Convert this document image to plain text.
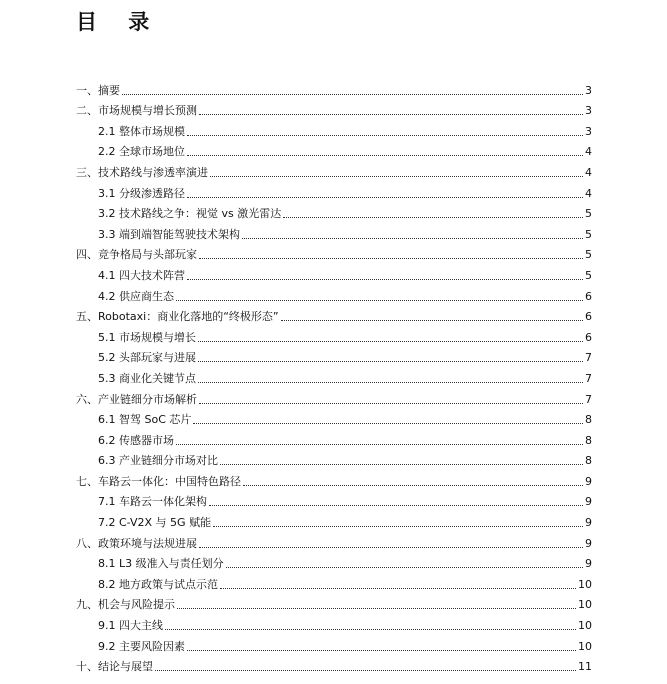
目 录
一、摘要	3
二、市场规模与增长预测	3
2.1 整体市场规模	3
2.2 全球市场地位	4
三、技术路线与渗透率演进	4
3.1 分级渗透路径	4
3.2 技术路线之争：视觉 vs 激光雷达	5
3.3 端到端智能驾驶技术架构	5
四、竞争格局与头部玩家	5
4.1 四大技术阵营	5
4.2 供应商生态	6
五、Robotaxi：商业化落地的“终极形态”	6
5.1 市场规模与增长	6
5.2 头部玩家与进展	7
5.3 商业化关键节点	7
六、产业链细分市场解析	7
6.1 智驾 SoC 芯片	8
6.2 传感器市场	8
6.3 产业链细分市场对比	8
七、车路云一体化：中国特色路径	9
7.1 车路云一体化架构	9
7.2 C-V2X 与 5G 赋能	9
八、政策环境与法规进展	9
8.1 L3 级准入与责任划分	9
8.2 地方政策与试点示范	10
九、机会与风险提示	10
9.1 四大主线	10
9.2 主要风险因素	10
十、结论与展望	11
